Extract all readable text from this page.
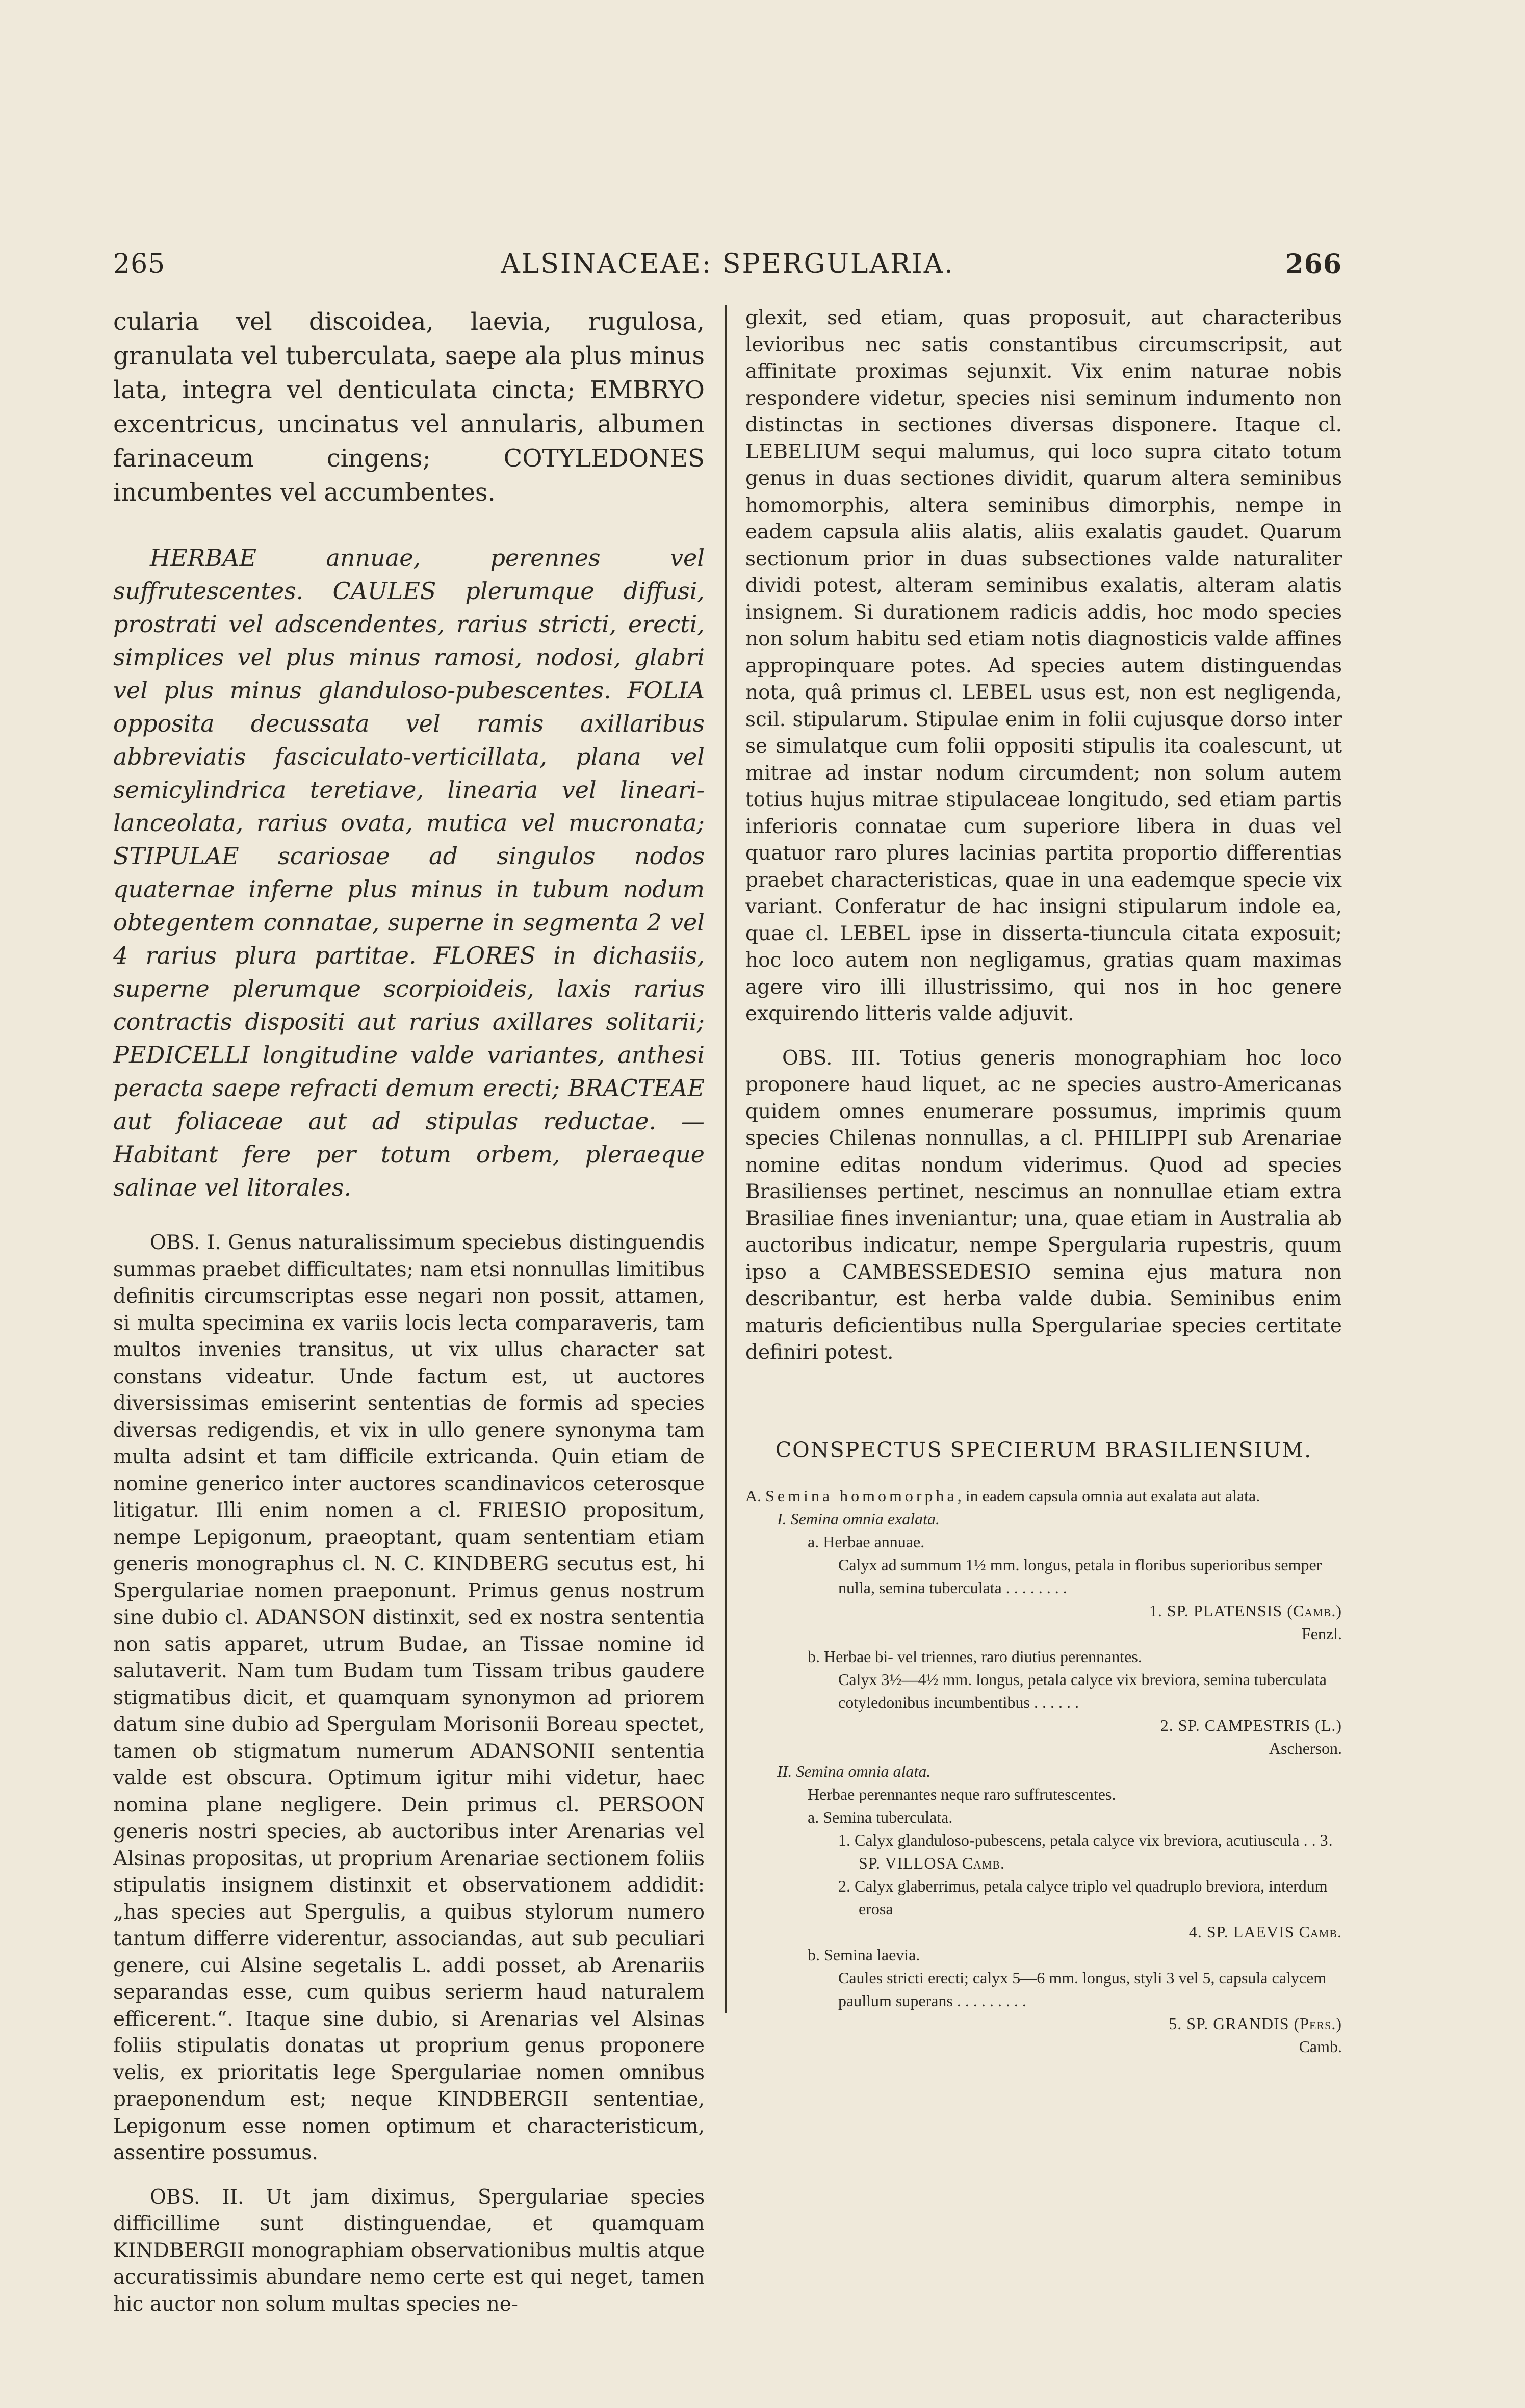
265	ALSINACEAE: SPERGULARIA.	266

cularia vel discoidea, laevia, rugulosa, granulata vel tuberculata, saepe ala plus minus lata, integra vel denticulata cincta; EMBRYO excentricus, uncinatus vel annularis, albumen farinaceum cingens; COTYLEDONES incumbentes vel accumbentes.

HERBAE annuae, perennes vel suffrutescentes. CAULES plerumque diffusi, prostrati vel adscendentes, rarius stricti, erecti, simplices vel plus minus ramosi, nodosi, glabri vel plus minus glanduloso-pubescentes. FOLIA opposita decussata vel ramis axillaribus abbreviatis fasciculato-verticillata, plana vel semicylindrica teretiave, linearia vel lineari-lanceolata, rarius ovata, mutica vel mucronata; STIPULAE scariosae ad singulos nodos quaternae inferne plus minus in tubum nodum obtegentem connatae, superne in segmenta 2 vel 4 rarius plura partitae. FLORES in dichasiis, superne plerumque scorpioideis, laxis rarius contractis dispositi aut rarius axillares solitarii; PEDICELLI longitudine valde variantes, anthesi peracta saepe refracti demum erecti; BRACTEAE aut foliaceae aut ad stipulas reductae. — Habitant fere per totum orbem, pleraeque salinae vel litorales.

OBS. I. Genus naturalissimum speciebus distinguendis summas praebet difficultates; nam etsi nonnullas limitibus definitis circumscriptas esse negari non possit, attamen, si multa specimina ex variis locis lecta comparaveris, tam multos invenies transitus, ut vix ullus character sat constans videatur. Unde factum est, ut auctores diversissimas emiserint sententias de formis ad species diversas redigendis, et vix in ullo genere synonyma tam multa adsint et tam difficile extricanda. Quin etiam de nomine generico inter auctores scandinavicos ceterosque litigatur. Illi enim nomen a cl. FRIESIO propositum, nempe Lepigonum, praeoptant, quam sententiam etiam generis monographus cl. N. C. KINDBERG secutus est, hi Spergulariae nomen praeponunt. Primus genus nostrum sine dubio cl. ADANSON distinxit, sed ex nostra sententia non satis apparet, utrum Budae, an Tissae nomine id salutaverit. Nam tum Budam tum Tissam tribus gaudere stigmatibus dicit, et quamquam synonymon ad priorem datum sine dubio ad Spergulam Morisonii Boreau spectet, tamen ob stigmatum numerum ADANSONII sententia valde est obscura. Optimum igitur mihi videtur, haec nomina plane negligere. Dein primus cl. PERSOON generis nostri species, ab auctoribus inter Arenarias vel Alsinas propositas, ut proprium Arenariae sectionem foliis stipulatis insignem distinxit et observationem addidit: „has species aut Spergulis, a quibus stylorum numero tantum differre viderentur, associandas, aut sub peculiari genere, cui Alsine segetalis L. addi posset, ab Arenariis separandas esse, cum quibus serierm haud naturalem efficerent.“. Itaque sine dubio, si Arenarias vel Alsinas foliis stipulatis donatas ut proprium genus proponere velis, ex prioritatis lege Spergulariae nomen omnibus praeponendum est; neque KINDBERGII sententiae, Lepigonum esse nomen optimum et characteristicum, assentire possumus.

OBS. II. Ut jam diximus, Spergulariae species difficillime sunt distinguendae, et quamquam KINDBERGII monographiam observationibus multis atque accuratissimis abundare nemo certe est qui neget, tamen hic auctor non solum multas species ne-

glexit, sed etiam, quas proposuit, aut characteribus levioribus nec satis constantibus circumscripsit, aut affinitate proximas sejunxit. Vix enim naturae nobis respondere videtur, species nisi seminum indumento non distinctas in sectiones diversas disponere. Itaque cl. LEBELIUM sequi malumus, qui loco supra citato totum genus in duas sectiones dividit, quarum altera seminibus homomorphis, altera seminibus dimorphis, nempe in eadem capsula aliis alatis, aliis exalatis gaudet. Quarum sectionum prior in duas subsectiones valde naturaliter dividi potest, alteram seminibus exalatis, alteram alatis insignem. Si durationem radicis addis, hoc modo species non solum habitu sed etiam notis diagnosticis valde affines appropinquare potes. Ad species autem distinguendas nota, quâ primus cl. LEBEL usus est, non est negligenda, scil. stipularum. Stipulae enim in folii cujusque dorso inter se simulatque cum folii oppositi stipulis ita coalescunt, ut mitrae ad instar nodum circumdent; non solum autem totius hujus mitrae stipulaceae longitudo, sed etiam partis inferioris connatae cum superiore libera in duas vel quatuor raro plures lacinias partita proportio differentias praebet characteristicas, quae in una eademque specie vix variant. Conferatur de hac insigni stipularum indole ea, quae cl. LEBEL ipse in disserta-tiuncula citata exposuit; hoc loco autem non negligamus, gratias quam maximas agere viro illi illustrissimo, qui nos in hoc genere exquirendo litteris valde adjuvit.

OBS. III. Totius generis monographiam hoc loco proponere haud liquet, ac ne species austro-Americanas quidem omnes enumerare possumus, imprimis quum species Chilenas nonnullas, a cl. PHILIPPI sub Arenariae nomine editas nondum viderimus. Quod ad species Brasilienses pertinet, nescimus an nonnullae etiam extra Brasiliae fines inveniantur; una, quae etiam in Australia ab auctoribus indicatur, nempe Spergularia rupestris, quum ipso a CAMBESSEDESIO semina ejus matura non describantur, est herba valde dubia. Seminibus enim maturis deficientibus nulla Spergulariae species certitate definiri potest.

CONSPECTUS SPECIERUM BRASILIENSIUM.
A. Semina homomorpha, in eadem capsula omnia aut exalata aut alata.
I. Semina omnia exalata.
a. Herbae annuae.
Calyx ad summum 1½ mm. longus, petala in floribus superioribus semper nulla, semina tuberculata . . . . . . . .
1. SP. PLATENSIS (Camb.)
Fenzl.
b. Herbae bi- vel triennes, raro diutius perennantes.
Calyx 3½—4½ mm. longus, petala calyce vix breviora, semina tuberculata cotyledonibus incumbentibus . . . . . .
2. SP. CAMPESTRIS (L.)
Ascherson.
II. Semina omnia alata.
Herbae perennantes neque raro suffrutescentes.
a. Semina tuberculata.
1. Calyx glanduloso-pubescens, petala calyce vix breviora, acutiuscula . . 3. SP. VILLOSA Camb.
2. Calyx glaberrimus, petala calyce triplo vel quadruplo breviora, interdum erosa
4. SP. LAEVIS Camb.
b. Semina laevia.
Caules stricti erecti; calyx 5—6 mm. longus, styli 3 vel 5, capsula calycem paullum superans . . . . . . . . .
5. SP. GRANDIS (Pers.)
Camb.
